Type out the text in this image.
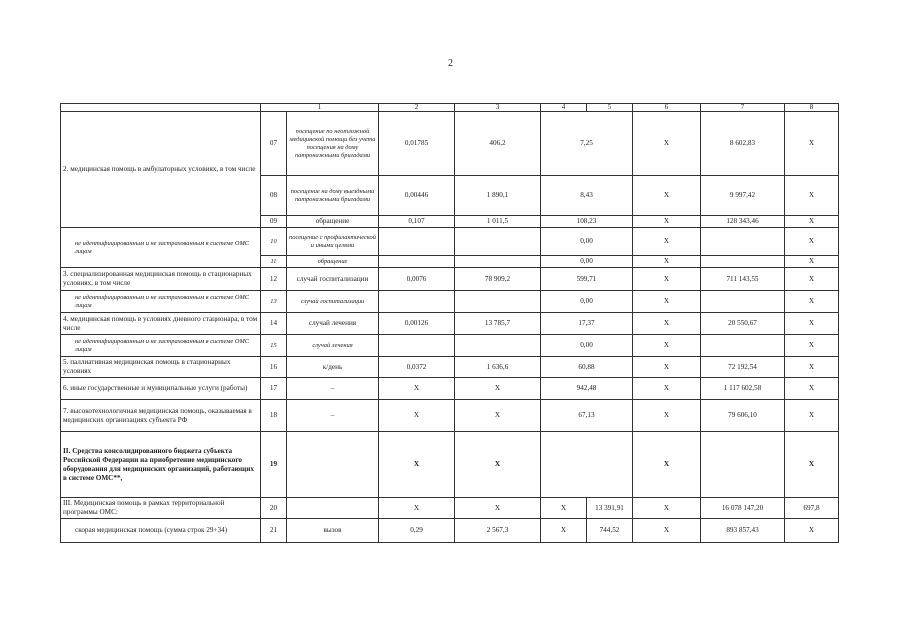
2
	1		2	3	4	5	6	7	8
2. медицинская помощь в амбулаторных условиях, в том числе	07	посещение по неотложной медицинской помощи без учета посещения на дому патронажными бригадами	0,01785	406,2	7,25		X	8 602,83	X
	08	посещение на дому выездными патронажными бригадами	0,00446	1 890,1	8,43		X	9 997,42	X
	09	обращение	0,107	1 011,5	108,23		X	128 343,46	X
не идентифицированным и не застрахованным в системе ОМС лицам	10	посещение с профилактической и иными целями			0,00		X		X
	11	обращение			0,00		X		X
3. специализированная медицинская помощь в стационарных условиях, в том числе	12	случай госпитализации	0,0076	78 909,2	599,71		X	711 143,55	X
не идентифицированным и не застрахованным в системе ОМС лицам	13	случай госпитализации			0,00		X		X
4. медицинская помощь в условиях дневного стационара, в том числе	14	случай лечения	0,00126	13 785,7	17,37		X	20 550,67	X
не идентифицированным и не застрахованным в системе ОМС лицам	15	случай лечения			0,00		X		X
5. паллиативная медицинская помощь в стационарных условиях	16	к/день	0,0372	1 636,6	60,88		X	72 192,54	X
6. иные государственные и муниципальные услуги (работы)	17	–	X	X	942,48		X	1 117 602,58	X
7. высокотехнологичная медицинская помощь, оказываемая в медицинских организациях субъекта РФ	18	–	X	X	67,13		X	79 606,10	X
II. Средства консолидированного бюджета субъекта Российской Федерации на приобретение медицинского оборудования для медицинских организаций, работающих в системе ОМС**,	19		X	X			X		X
III. Медицинская помощь в рамках территориальной программы ОМС:	20		X	X	X	13 391,91	X	16 078 147,20	697,8
скорая медицинская помощь (сумма строк 29+34)	21	вызов	0,29	2 567,3	X	744,52	X	893 857,43	X
